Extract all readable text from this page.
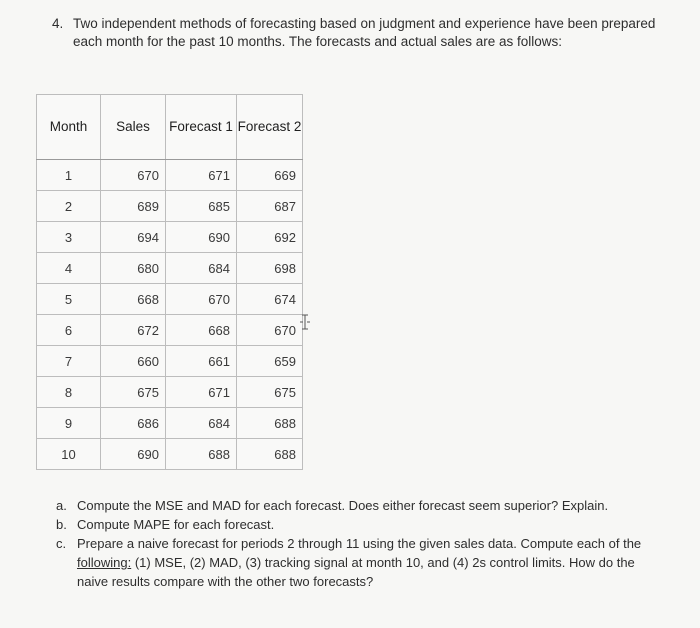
4. Two independent methods of forecasting based on judgment and experience have been prepared each month for the past 10 months. The forecasts and actual sales are as follows:
Month	Sales	Forecast 1	Forecast 2
1	670	671	669
2	689	685	687
3	694	690	692
4	680	684	698
5	668	670	674
6	672	668	670
7	660	661	659
8	675	671	675
9	686	684	688
10	690	688	688
a. Compute the MSE and MAD for each forecast. Does either forecast seem superior? Explain.
b. Compute MAPE for each forecast.
c. Prepare a naive forecast for periods 2 through 11 using the given sales data. Compute each of the following: (1) MSE, (2) MAD, (3) tracking signal at month 10, and (4) 2s control limits. How do the naive results compare with the other two forecasts?
